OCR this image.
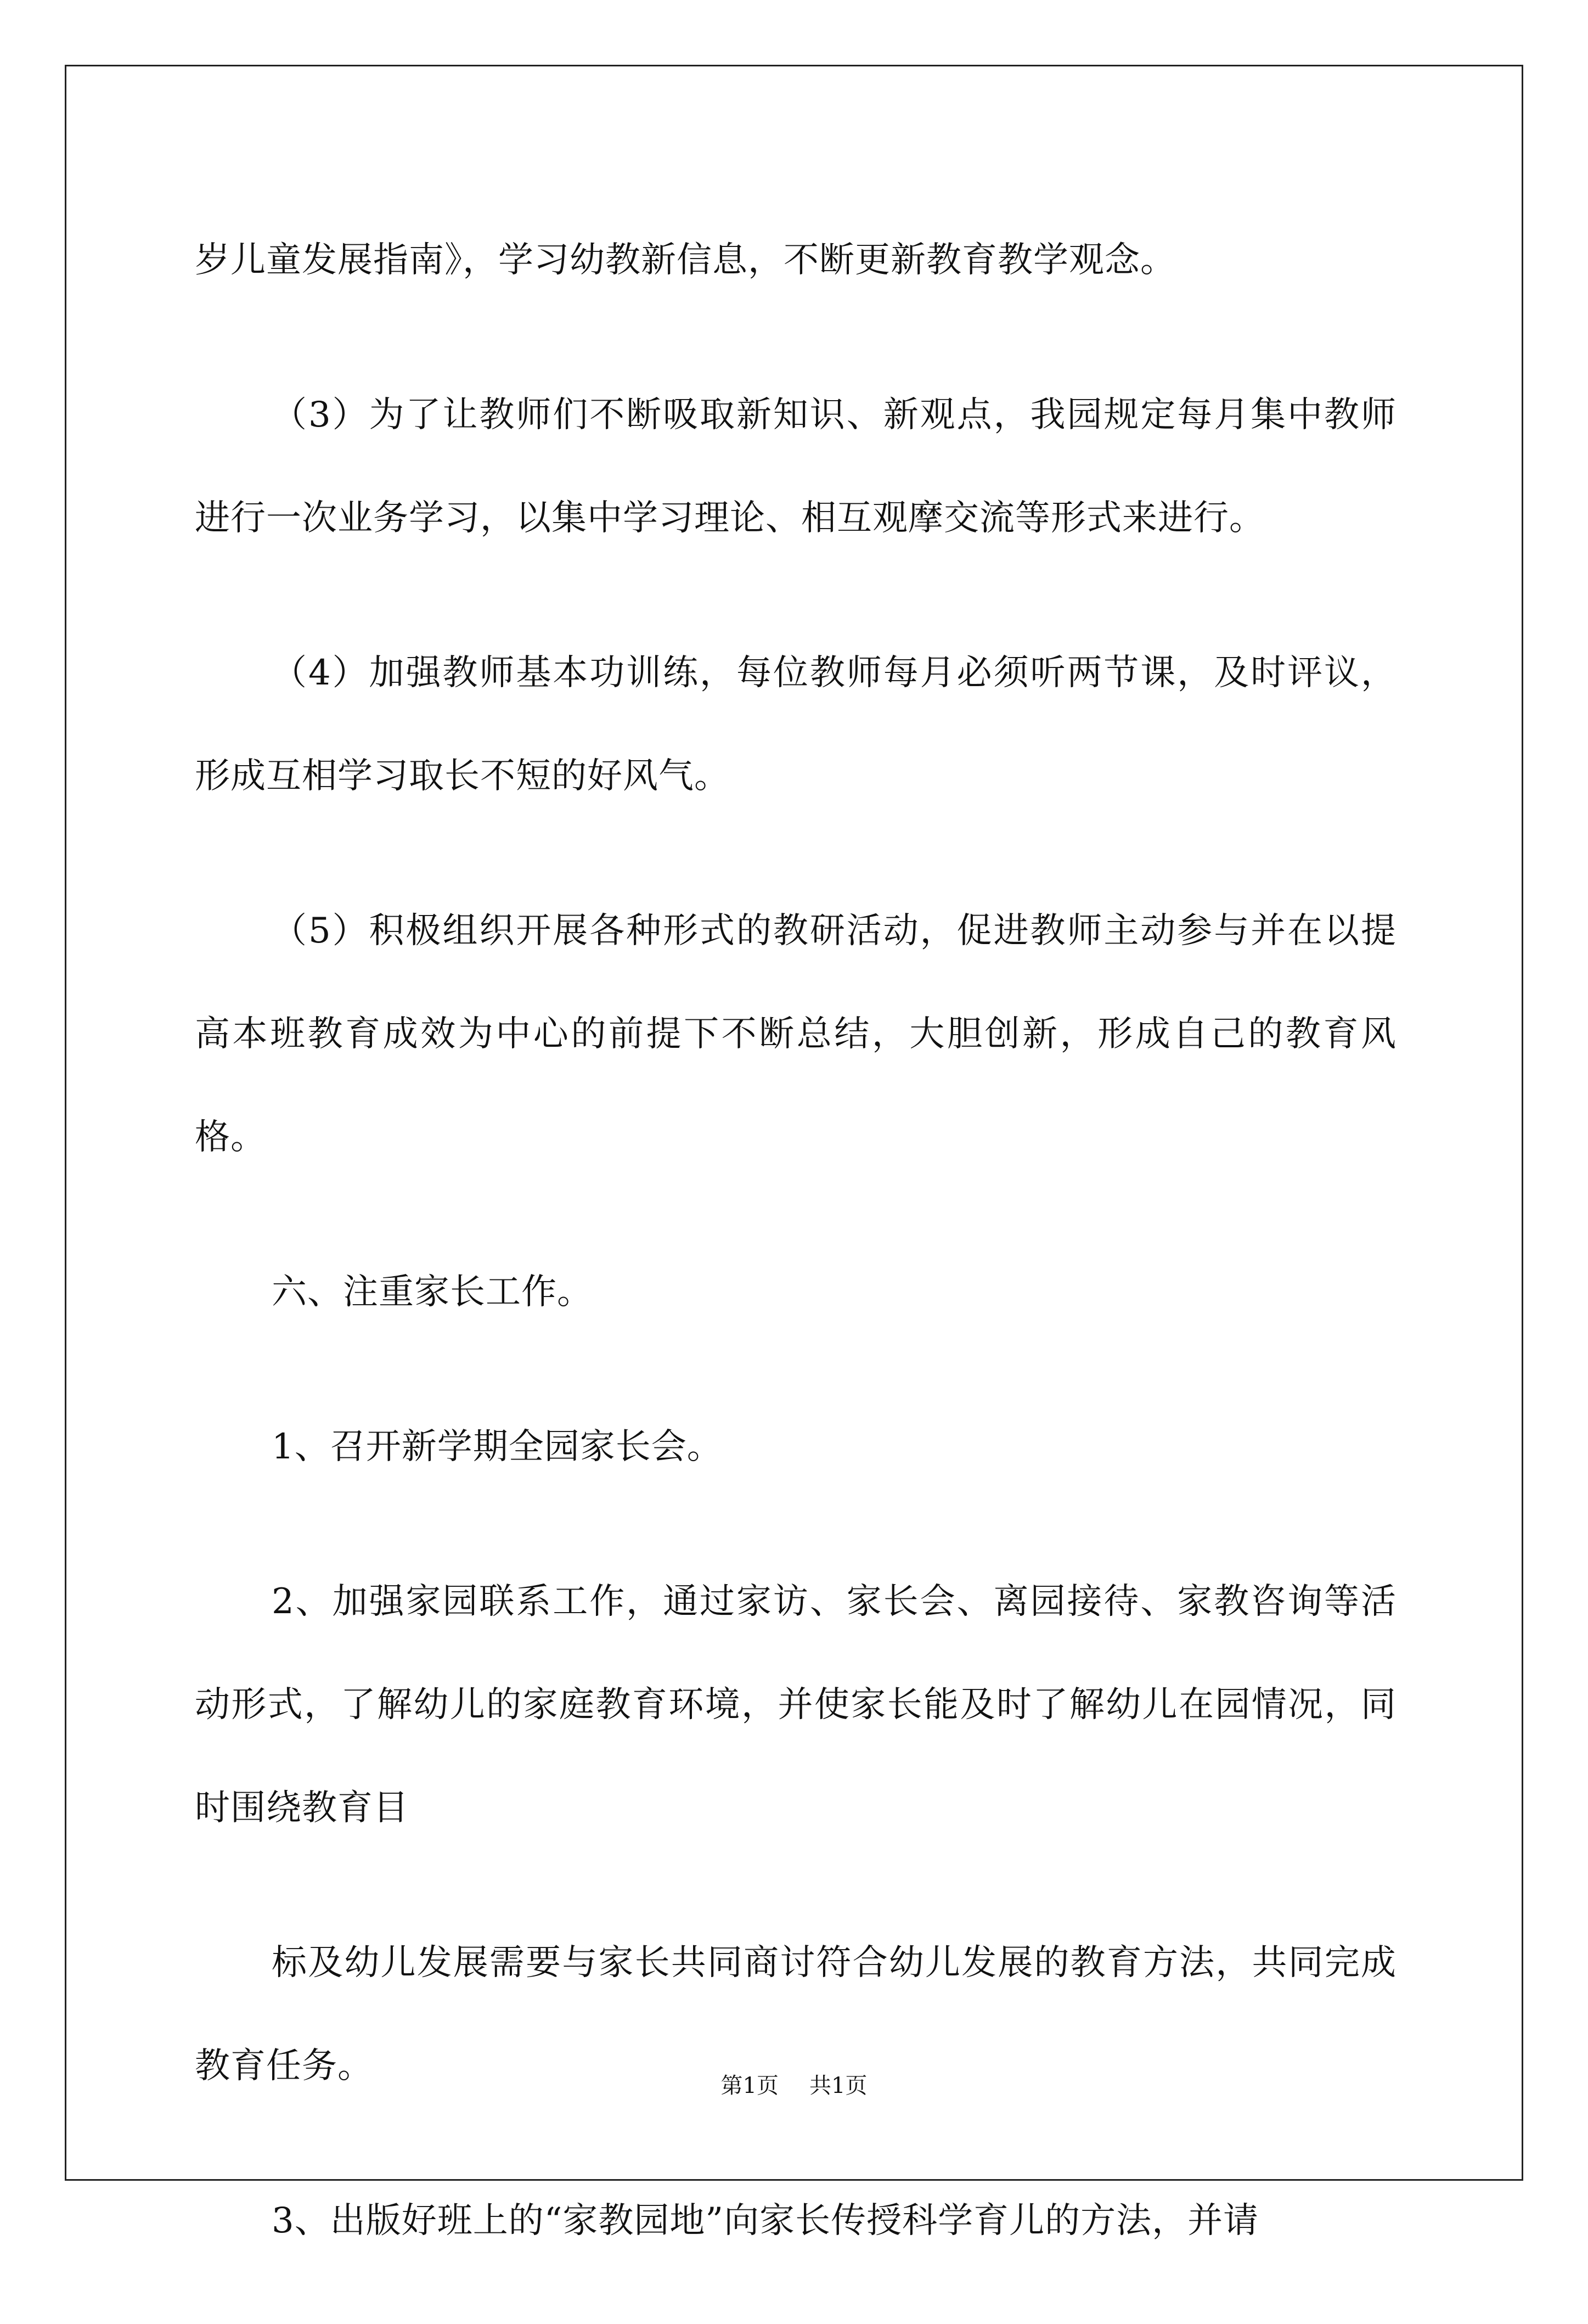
岁儿童发展指南》，学习幼教新信息，不断更新教育教学观念。

（3）为了让教师们不断吸取新知识、新观点，我园规定每月集中教师进行一次业务学习，以集中学习理论、相互观摩交流等形式来进行。

（4）加强教师基本功训练，每位教师每月必须听两节课，及时评议，形成互相学习取长不短的好风气。

（5）积极组织开展各种形式的教研活动，促进教师主动参与并在以提高本班教育成效为中心的前提下不断总结，大胆创新，形成自己的教育风格。

六、注重家长工作。

1、召开新学期全园家长会。

2、加强家园联系工作，通过家访、家长会、离园接待、家教咨询等活动形式，了解幼儿的家庭教育环境，并使家长能及时了解幼儿在园情况，同时围绕教育目

标及幼儿发展需要与家长共同商讨符合幼儿发展的教育方法，共同完成教育任务。

3、出版好班上的“家教园地”向家长传授科学育儿的方法，并请

第1页 共1页
